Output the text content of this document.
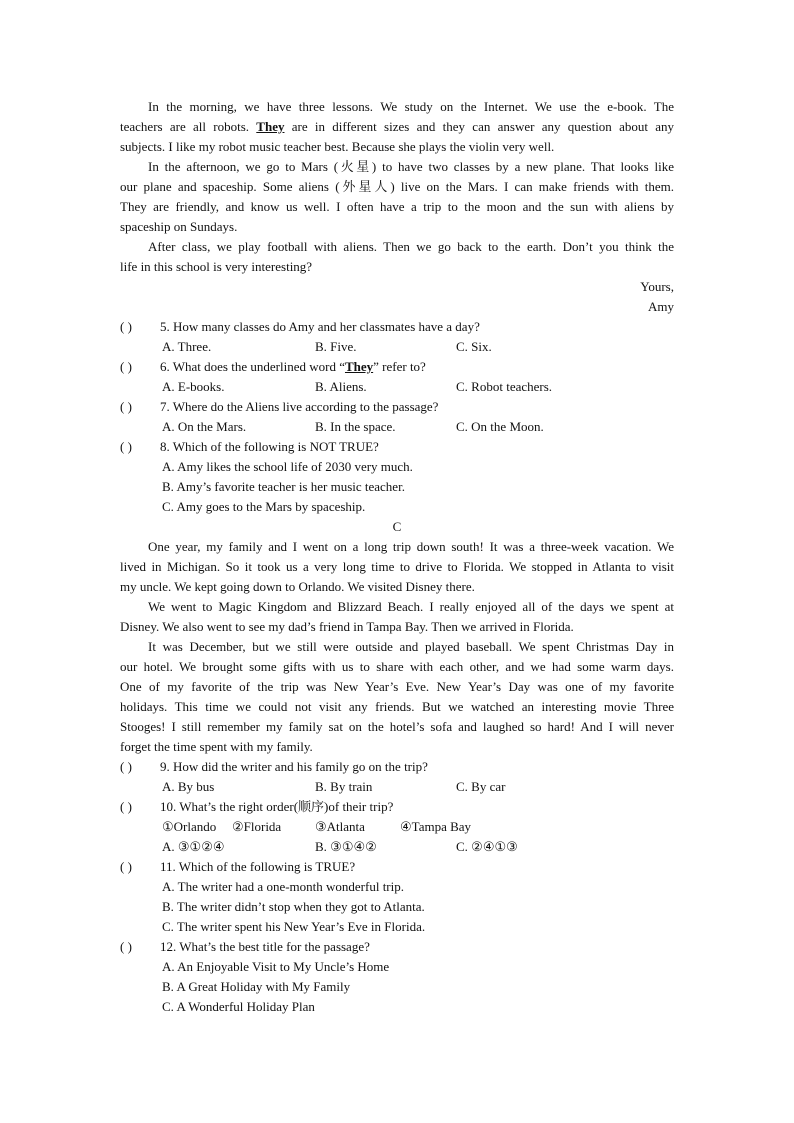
In the morning, we have three lessons. We study on the Internet. We use the e-book. The
teachers are all robots. They are in different sizes and they can answer any question about any
subjects. I like my robot music teacher best. Because she plays the violin very well.
In the afternoon, we go to Mars (火星) to have two classes by a new plane. That looks like
our plane and spaceship. Some aliens (外星人) live on the Mars. I can make friends with them.
They are friendly, and know us well. I often have a trip to the moon and the sun with aliens by
spaceship on Sundays.
After class, we play football with aliens. Then we go back to the earth. Don’t you think the
life in this school is very interesting?
Yours,
Amy
( )	5. How many classes do Amy and her classmates have a day?
A. Three.	B. Five.	C. Six.
( )	6. What does the underlined word “They” refer to?
A. E-books.	B. Aliens.	C. Robot teachers.
( )	7. Where do the Aliens live according to the passage?
A. On the Mars.	B. In the space.	C. On the Moon.
( )	8. Which of the following is NOT TRUE?
A. Amy likes the school life of 2030 very much.
B. Amy’s favorite teacher is her music teacher.
C. Amy goes to the Mars by spaceship.
C
One year, my family and I went on a long trip down south! It was a three-week vacation. We
lived in Michigan. So it took us a very long time to drive to Florida. We stopped in Atlanta to visit
my uncle. We kept going down to Orlando. We visited Disney there.
We went to Magic Kingdom and Blizzard Beach. I really enjoyed all of the days we spent at
Disney. We also went to see my dad’s friend in Tampa Bay. Then we arrived in Florida.
It was December, but we still were outside and played baseball. We spent Christmas Day in
our hotel. We brought some gifts with us to share with each other, and we had some warm days.
One of my favorite of the trip was New Year’s Eve. New Year’s Day was one of my favorite
holidays. This time we could not visit any friends. But we watched an interesting movie Three
Stooges! I still remember my family sat on the hotel’s sofa and laughed so hard! And I will never
forget the time spent with my family.
( )	9. How did the writer and his family go on the trip?
A. By bus	B. By train	C. By car
( )	10. What’s the right order(顺序)of their trip?
①Orlando ②Florida	③Atlanta	④Tampa Bay
A. ③①②④	B. ③①④②	C. ②④①③
( )	11. Which of the following is TRUE?
A. The writer had a one-month wonderful trip.
B. The writer didn’t stop when they got to Atlanta.
C. The writer spent his New Year’s Eve in Florida.
( )	12. What’s the best title for the passage?
A. An Enjoyable Visit to My Uncle’s Home
B. A Great Holiday with My Family
C. A Wonderful Holiday Plan
